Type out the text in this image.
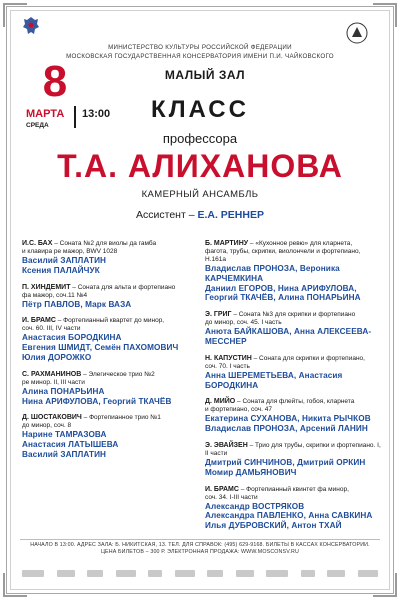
МИНИСТЕРСТВО КУЛЬТУРЫ РОССИЙСКОЙ ФЕДЕРАЦИИ
МОСКОВСКАЯ ГОСУДАРСТВЕННАЯ КОНСЕРВАТОРИЯ ИМЕНИ П.И. ЧАЙКОВСКОГО
8
МАРТА 13:00
СРЕДА
МАЛЫЙ ЗАЛ
КЛАСС
профессора
Т.А. АЛИХАНОВА
КАМЕРНЫЙ АНСАМБЛЬ
Ассистент – Е.А. РЕННЕР
И.С. БАХ – Соната №2 для виолы да гамба
и клавира ре мажор, BWV 1028
Василий ЗАПЛАТИН
Ксения ПАЛАЙЧУК
П. ХИНДЕМИТ – Соната для альта и фортепиано
фа мажор, соч.11 №4
Пётр ПАВЛОВ, Марк ВАЗА
И. БРАМС – Фортепианный квартет до минор,
соч. 60. III, IV части
Анастасия БОРОДКИНА
Евгения ШМИДТ, Семён ПАХОМОВИЧ
Юлия ДОРОЖКО
С. РАХМАНИНОВ – Элегическое трио №2
ре минор. II, III части
Алина ПОНАРЬИНА
Нина АРИФУЛОВА, Георгий ТКАЧЁВ
Д. ШОСТАКОВИЧ – Фортепианное трио №1
до минор, соч. 8
Нарине ТАМРАЗОВА
Анастасия ЛАТЫШЕВА
Василий ЗАПЛАТИН
Б. МАРТИНУ – «Кухонное ревю» для кларнета,
фагота, трубы, скрипки, виолончели и фортепиано, H.161а
Владислав ПРОНОЗА, Вероника КАРЧЕМКИНА
Даниил ЕГОРОВ, Нина АРИФУЛОВА,
Георгий ТКАЧЁВ, Алина ПОНАРЬИНА
Э. ГРИГ – Соната №3 для скрипки и фортепиано
до минор, соч. 45. I часть
Анюта БАЙКАШОВА, Анна АЛЕКСЕЕВА-МЕССНЕР
Н. КАПУСТИН – Соната для скрипки и фортепиано,
соч. 70. I часть
Анна ШЕРЕМЕТЬЕВА, Анастасия БОРОДКИНА
Д. МИЙО – Соната для флейты, гобоя, кларнета
и фортепиано, соч. 47
Екатерина СУХАНОВА, Никита РЫЧКОВ
Владислав ПРОНОЗА, Арсений ЛАНИН
Э. ЭВАЙЗЕН – Трио для трубы, скрипки и фортепиано. I, II части
Дмитрий СИНЧИНОВ, Дмитрий ОРКИН
Момир ДАМЬЯНОВИЧ
И. БРАМС – Фортепианный квинтет фа минор,
соч. 34. I-III части
Александр ВОСТРЯКОВ
Александра ПАВЛЕНКО, Анна САВКИНА
Илья ДУБРОВСКИЙ, Антон ТХАЙ
НАЧАЛО В 13:00. АДРЕС ЗАЛА: Б. НИКИТСКАЯ, 13. ТЕЛ. ДЛЯ СПРАВОК: (495) 629-9168. БИЛЕТЫ В КАССАХ КОНСЕРВАТОРИИ.
ЦЕНА БИЛЕТОВ – 300 Р. ЭЛЕКТРОННАЯ ПРОДАЖА: WWW.MOSCONSV.RU
